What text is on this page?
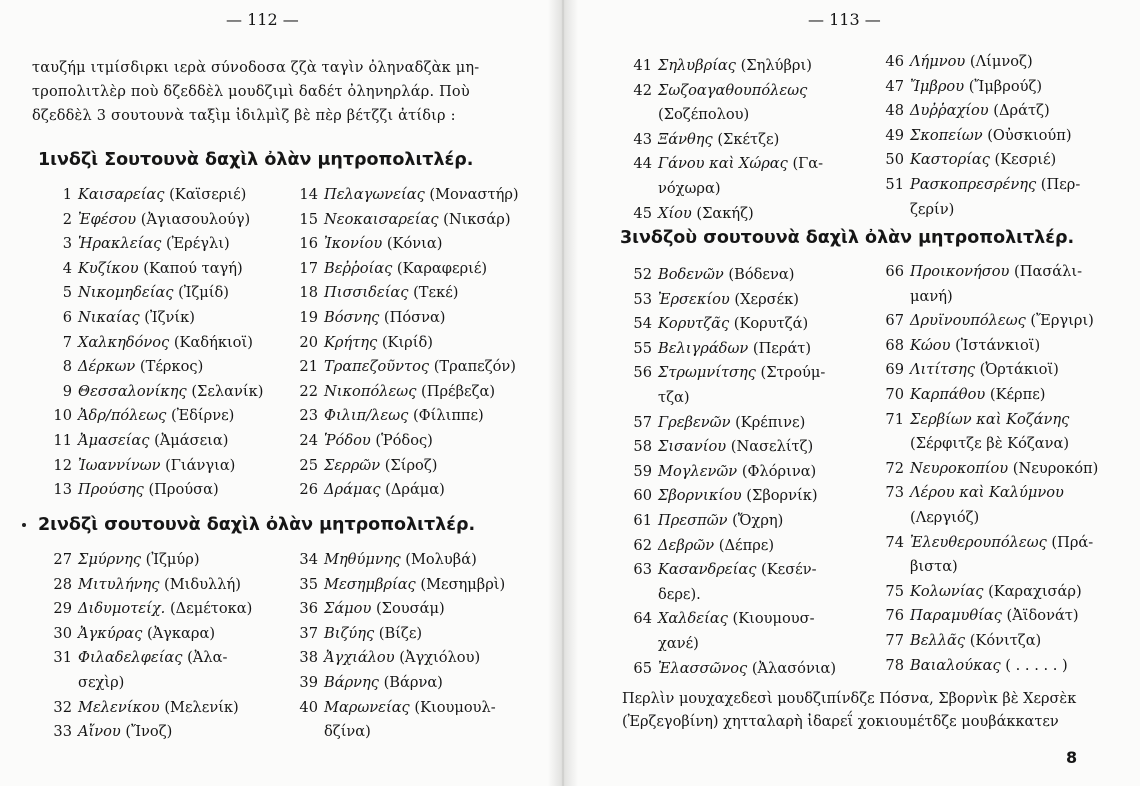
— 112 —
ταυζήμ ιτμίσδιρκι ιερὰ σύνοδοσα ζζὰ ταγὶν ὀληναδζὰκ μητροπολιτλὲρ ποὺ δζεδδὲλ μουδζιμὶ δαδέτ ὀληνηρλάρ. Ποὺ δζεδδὲλ 3 σουτουνὰ ταξὶμ ἰδιλμὶζ βὲ πὲρ βέτζζι ἀτίδιρ :
1ινδζὶ Σουτουνὰ δαχὶλ ὀλὰν μητροπολιτλέρ.
2ινδζὶ σουτουνὰ δαχὶλ ὀλὰν μητροπολιτλέρ.
1 Καισαρείας (Καϊσεριέ)
2 Ἐφέσου (Ἀγιασουλούγ)
3 Ἡρακλείας (Ἐρέγλι)
4 Κυζίκου (Καπού ταγή)
5 Νικομηδείας (Ἰζμίδ)
6 Νικαίας (Ἰζνίκ)
7 Χαλκηδόνος (Καδήκιοϊ)
8 Δέρκων (Τέρκος)
9 Θεσσαλονίκης (Σελανίκ)
10 Ἀδρ/πόλεως (Ἐδίρνε)
11 Ἀμασείας (Ἀμάσεια)
12 Ἰωαννίνων (Γιάνγια)
13 Προύσης (Προύσα)
14 Πελαγωνείας (Μοναστήρ)
15 Νεοκαισαρείας (Νικσάρ)
16 Ἰκονίου (Κόνια)
17 Βεῤῥοίας (Καραφεριέ)
18 Πισσιδείας (Τεκέ)
19 Βόσνης (Πόσνα)
20 Κρήτης (Κιρίδ)
21 Τραπεζοῦντος (Τραπεζόν)
22 Νικοπόλεως (Πρέβεζα)
23 Φιλιπ/λεως (Φίλιππε)
24 Ῥόδου (Ῥόδος)
25 Σερρῶν (Σίροζ)
26 Δράμας (Δράμα)
27 Σμύρνης (Ἰζμύρ)
28 Μιτυλήνης (Μιδυλλή)
29 Διδυμοτείχ. (Δεμέτοκα)
30 Ἀγκύρας (Ἀγκαρα)
31 Φιλαδελφείας (Ἀλα-
σεχὶρ)
32 Μελενίκου (Μελενίκ)
33 Αἴνου (Ἴνοζ)
34 Μηθύμνης (Μολυβά)
35 Μεσημβρίας (Μεσημβρὶ)
36 Σάμου (Σουσάμ)
37 Βιζύης (Βίζε)
38 Ἀγχιάλου (Ἀγχιόλου)
39 Βάρνης (Βάρνα)
40 Μαρωνείας (Κιουμουλ-
δζίνα)
— 113 —
3ινδζοὺ σουτουνὰ δαχὶλ ὀλὰν μητροπολιτλέρ.
41 Σηλυβρίας (Σηλύβρι)
42 Σωζοαγαθουπόλεως
(Σοζέπολου)
43 Ξάνθης (Σκέτζε)
44 Γάνου καὶ Χώρας (Γα-
νόχωρα)
45 Χίου (Σακήζ)
46 Λήμνου (Λίμνοζ)
47 Ἴμβρου (Ἴμβρούζ)
48 Δυῤῥαχίου (Δράτζ)
49 Σκοπείων (Οὐσκιούπ)
50 Καστορίας (Κεσριέ)
51 Ρασκοπρεσρένης (Περ-
ζερίν)
52 Βοδενῶν (Βόδενα)
53 Ἐρσεκίου (Χερσέκ)
54 Κορυτζᾶς (Κορυτζά)
55 Βελιγράδων (Περάτ)
56 Στρωμνίτσης (Στρούμ-
τζα)
57 Γρεβενῶν (Κρέπινε)
58 Σισανίου (Νασελίτζ)
59 Μογλενῶν (Φλόρινα)
60 Σβορνικίου (Σβορνίκ)
61 Πρεσπῶν (Ὄχρη)
62 Δεβρῶν (Δέπρε)
63 Κασανδρείας (Κεσέν-
δερε).
64 Χαλδείας (Κιουμουσ-
χανέ)
65 Ἐλασσῶνος (Ἀλασόνια)
66 Προικονήσου (Πασάλι-
μανή)
67 Δρυϊνουπόλεως (Ἔργιρι)
68 Κώου (Ἰστάνκιοϊ)
69 Λιτίτσης (Ὀρτάκιοϊ)
70 Καρπάθου (Κέρπε)
71 Σερβίων καὶ Κοζάνης
(Σέρφιτζε βὲ Κόζανα)
72 Νευροκοπίου (Νευροκόπ)
73 Λέρου καὶ Καλύμνου
(Λεργιόζ)
74 Ἐλευθερουπόλεως (Πρά-
βιστα)
75 Κολωνίας (Καραχισάρ)
76 Παραμυθίας (Ἀϊδονάτ)
77 Βελλᾶς (Κόνιτζα)
78 Βαιαλούκας ( . . . . . )
Περλὶν μουχαχεδεσὶ μουδζιπίνδζε Πόσνα, Σβορνὶκ βὲ Χερσὲκ (Ἐρζεγοβίνη) χητταλαρὴ ἰδαρεΐ χοκιουμέτδζε μουβάκκατεν
8
